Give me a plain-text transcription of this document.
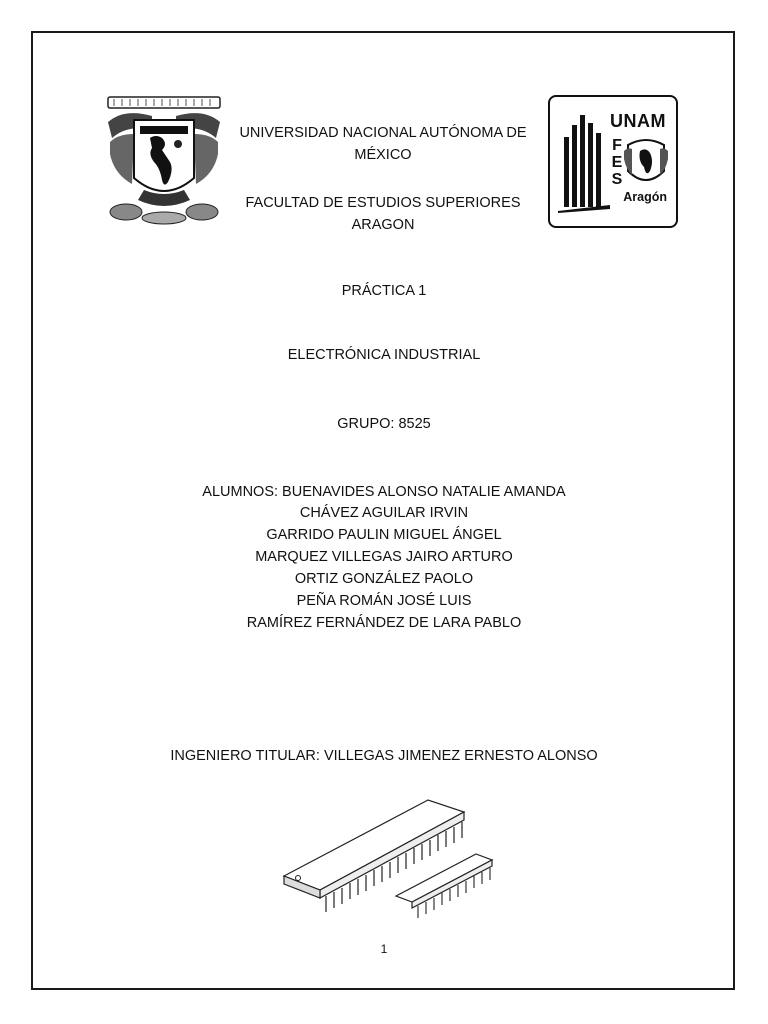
UNIVERSIDAD NACIONAL AUTÓNOMA DE
MÉXICO
FACULTAD DE ESTUDIOS SUPERIORES
ARAGON
UNAM
F
E
S
Aragón
PRÁCTICA 1
ELECTRÓNICA INDUSTRIAL
GRUPO: 8525
ALUMNOS: BUENAVIDES ALONSO NATALIE AMANDA
CHÁVEZ AGUILAR IRVIN
GARRIDO PAULIN MIGUEL ÁNGEL
MARQUEZ VILLEGAS JAIRO ARTURO
ORTIZ GONZÁLEZ PAOLO
PEÑA ROMÁN JOSÉ LUIS
RAMÍREZ FERNÁNDEZ DE LARA PABLO
INGENIERO TITULAR: VILLEGAS JIMENEZ ERNESTO ALONSO
1
